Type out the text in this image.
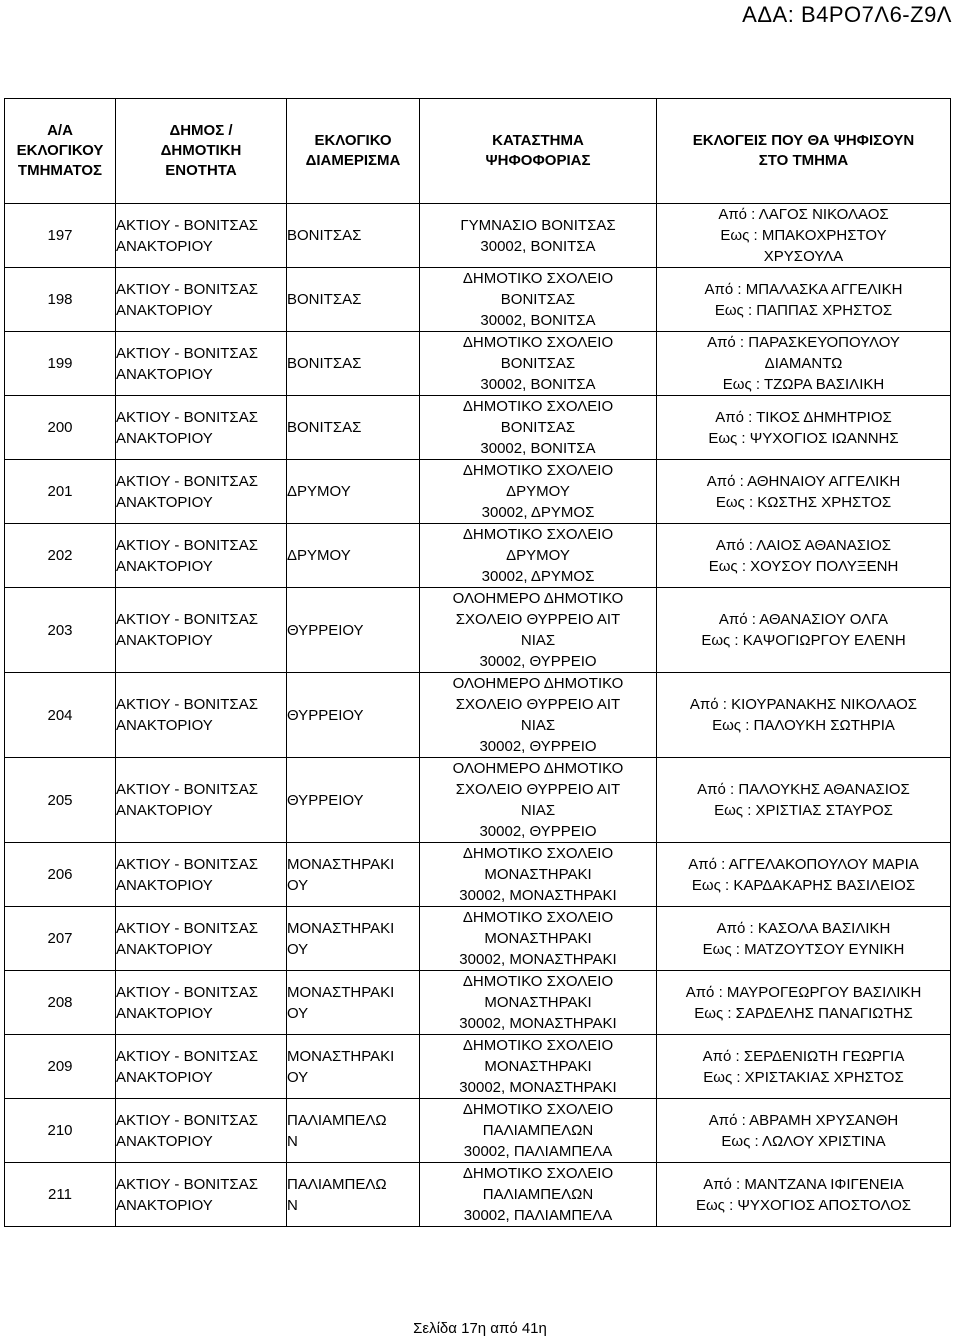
ΑΔΑ: Β4ΡΟ7Λ6-Ζ9Λ
Α/Α
ΕΚΛΟΓΙΚΟΥ
ΤΜΗΜΑΤΟΣ	ΔΗΜΟΣ /
ΔΗΜΟΤΙΚΗ
ΕΝΟΤΗΤΑ	ΕΚΛΟΓΙΚΟ
ΔΙΑΜΕΡΙΣΜΑ	ΚΑΤΑΣΤΗΜΑ
ΨΗΦΟΦΟΡΙΑΣ	ΕΚΛΟΓΕΙΣ ΠΟΥ ΘΑ ΨΗΦΙΣΟΥΝ
ΣΤΟ ΤΜΗΜΑ

197	ΑΚΤΙΟΥ - ΒΟΝΙΤΣΑΣ
ΑΝΑΚΤΟΡΙΟΥ	ΒΟΝΙΤΣΑΣ	ΓΥΜΝΑΣΙΟ ΒΟΝΙΤΣΑΣ
30002, ΒΟΝΙΤΣΑ	Από : ΛΑΓΟΣ ΝΙΚΟΛΑΟΣ
Εως : ΜΠΑΚΟΧΡΗΣΤΟΥ
ΧΡΥΣΟΥΛΑ

198	ΑΚΤΙΟΥ - ΒΟΝΙΤΣΑΣ
ΑΝΑΚΤΟΡΙΟΥ	ΒΟΝΙΤΣΑΣ	ΔΗΜΟΤΙΚΟ ΣΧΟΛΕΙΟ
ΒΟΝΙΤΣΑΣ
30002, ΒΟΝΙΤΣΑ	Από : ΜΠΑΛΑΣΚΑ ΑΓΓΕΛΙΚΗ
Εως : ΠΑΠΠΑΣ ΧΡΗΣΤΟΣ

199	ΑΚΤΙΟΥ - ΒΟΝΙΤΣΑΣ
ΑΝΑΚΤΟΡΙΟΥ	ΒΟΝΙΤΣΑΣ	ΔΗΜΟΤΙΚΟ ΣΧΟΛΕΙΟ
ΒΟΝΙΤΣΑΣ
30002, ΒΟΝΙΤΣΑ	Από : ΠΑΡΑΣΚΕΥΟΠΟΥΛΟΥ
ΔΙΑΜΑΝΤΩ
Εως : ΤΖΩΡΑ ΒΑΣΙΛΙΚΗ

200	ΑΚΤΙΟΥ - ΒΟΝΙΤΣΑΣ
ΑΝΑΚΤΟΡΙΟΥ	ΒΟΝΙΤΣΑΣ	ΔΗΜΟΤΙΚΟ ΣΧΟΛΕΙΟ
ΒΟΝΙΤΣΑΣ
30002, ΒΟΝΙΤΣΑ	Από : ΤΙΚΟΣ ΔΗΜΗΤΡΙΟΣ
Εως : ΨΥΧΟΓΙΟΣ ΙΩΑΝΝΗΣ

201	ΑΚΤΙΟΥ - ΒΟΝΙΤΣΑΣ
ΑΝΑΚΤΟΡΙΟΥ	ΔΡΥΜΟΥ	ΔΗΜΟΤΙΚΟ ΣΧΟΛΕΙΟ
ΔΡΥΜΟΥ
30002, ΔΡΥΜΟΣ	Από : ΑΘΗΝΑΙΟΥ ΑΓΓΕΛΙΚΗ
Εως : ΚΩΣΤΗΣ ΧΡΗΣΤΟΣ

202	ΑΚΤΙΟΥ - ΒΟΝΙΤΣΑΣ
ΑΝΑΚΤΟΡΙΟΥ	ΔΡΥΜΟΥ	ΔΗΜΟΤΙΚΟ ΣΧΟΛΕΙΟ
ΔΡΥΜΟΥ
30002, ΔΡΥΜΟΣ	Από : ΛΑΙΟΣ ΑΘΑΝΑΣΙΟΣ
Εως : ΧΟΥΣΟΥ ΠΟΛΥΞΕΝΗ

203	ΑΚΤΙΟΥ - ΒΟΝΙΤΣΑΣ
ΑΝΑΚΤΟΡΙΟΥ	ΘΥΡΡΕΙΟΥ	ΟΛΟΗΜΕΡΟ ΔΗΜΟΤΙΚΟ
ΣΧΟΛΕΙΟ ΘΥΡΡΕΙΟ ΑΙΤ
ΝΙΑΣ
30002, ΘΥΡΡΕΙΟ	Από : ΑΘΑΝΑΣΙΟΥ ΟΛΓΑ
Εως : ΚΑΨΟΓΙΩΡΓΟΥ ΕΛΕΝΗ

204	ΑΚΤΙΟΥ - ΒΟΝΙΤΣΑΣ
ΑΝΑΚΤΟΡΙΟΥ	ΘΥΡΡΕΙΟΥ	ΟΛΟΗΜΕΡΟ ΔΗΜΟΤΙΚΟ
ΣΧΟΛΕΙΟ ΘΥΡΡΕΙΟ ΑΙΤ
ΝΙΑΣ
30002, ΘΥΡΡΕΙΟ	Από : ΚΙΟΥΡΑΝΑΚΗΣ ΝΙΚΟΛΑΟΣ
Εως : ΠΑΛΟΥΚΗ ΣΩΤΗΡΙΑ

205	ΑΚΤΙΟΥ - ΒΟΝΙΤΣΑΣ
ΑΝΑΚΤΟΡΙΟΥ	ΘΥΡΡΕΙΟΥ	ΟΛΟΗΜΕΡΟ ΔΗΜΟΤΙΚΟ
ΣΧΟΛΕΙΟ ΘΥΡΡΕΙΟ ΑΙΤ
ΝΙΑΣ
30002, ΘΥΡΡΕΙΟ	Από : ΠΑΛΟΥΚΗΣ ΑΘΑΝΑΣΙΟΣ
Εως : ΧΡΙΣΤΙΑΣ ΣΤΑΥΡΟΣ

206	ΑΚΤΙΟΥ - ΒΟΝΙΤΣΑΣ
ΑΝΑΚΤΟΡΙΟΥ	ΜΟΝΑΣΤΗΡΑΚΙ
ΟΥ	ΔΗΜΟΤΙΚΟ ΣΧΟΛΕΙΟ
ΜΟΝΑΣΤΗΡΑΚΙ
30002, ΜΟΝΑΣΤΗΡΑΚΙ	Από : ΑΓΓΕΛΑΚΟΠΟΥΛΟΥ ΜΑΡΙΑ
Εως : ΚΑΡΔΑΚΑΡΗΣ ΒΑΣΙΛΕΙΟΣ

207	ΑΚΤΙΟΥ - ΒΟΝΙΤΣΑΣ
ΑΝΑΚΤΟΡΙΟΥ	ΜΟΝΑΣΤΗΡΑΚΙ
ΟΥ	ΔΗΜΟΤΙΚΟ ΣΧΟΛΕΙΟ
ΜΟΝΑΣΤΗΡΑΚΙ
30002, ΜΟΝΑΣΤΗΡΑΚΙ	Από : ΚΑΣΟΛΑ ΒΑΣΙΛΙΚΗ
Εως : ΜΑΤΖΟΥΤΣΟΥ ΕΥΝΙΚΗ

208	ΑΚΤΙΟΥ - ΒΟΝΙΤΣΑΣ
ΑΝΑΚΤΟΡΙΟΥ	ΜΟΝΑΣΤΗΡΑΚΙ
ΟΥ	ΔΗΜΟΤΙΚΟ ΣΧΟΛΕΙΟ
ΜΟΝΑΣΤΗΡΑΚΙ
30002, ΜΟΝΑΣΤΗΡΑΚΙ	Από : ΜΑΥΡΟΓΕΩΡΓΟΥ ΒΑΣΙΛΙΚΗ
Εως : ΣΑΡΔΕΛΗΣ ΠΑΝΑΓΙΩΤΗΣ

209	ΑΚΤΙΟΥ - ΒΟΝΙΤΣΑΣ
ΑΝΑΚΤΟΡΙΟΥ	ΜΟΝΑΣΤΗΡΑΚΙ
ΟΥ	ΔΗΜΟΤΙΚΟ ΣΧΟΛΕΙΟ
ΜΟΝΑΣΤΗΡΑΚΙ
30002, ΜΟΝΑΣΤΗΡΑΚΙ	Από : ΣΕΡΔΕΝΙΩΤΗ ΓΕΩΡΓΙΑ
Εως : ΧΡΙΣΤΑΚΙΑΣ ΧΡΗΣΤΟΣ

210	ΑΚΤΙΟΥ - ΒΟΝΙΤΣΑΣ
ΑΝΑΚΤΟΡΙΟΥ	ΠΑΛΙΑΜΠΕΛΩ
Ν	ΔΗΜΟΤΙΚΟ ΣΧΟΛΕΙΟ
ΠΑΛΙΑΜΠΕΛΩΝ
30002, ΠΑΛΙΑΜΠΕΛΑ	Από : ΑΒΡΑΜΗ ΧΡΥΣΑΝΘΗ
Εως : ΛΩΛΟΥ ΧΡΙΣΤΙΝΑ

211	ΑΚΤΙΟΥ - ΒΟΝΙΤΣΑΣ
ΑΝΑΚΤΟΡΙΟΥ	ΠΑΛΙΑΜΠΕΛΩ
Ν	ΔΗΜΟΤΙΚΟ ΣΧΟΛΕΙΟ
ΠΑΛΙΑΜΠΕΛΩΝ
30002, ΠΑΛΙΑΜΠΕΛΑ	Από : ΜΑΝΤΖΑΝΑ ΙΦΙΓΕΝΕΙΑ
Εως : ΨΥΧΟΓΙΟΣ ΑΠΟΣΤΟΛΟΣ
Σελίδα 17η από 41η
